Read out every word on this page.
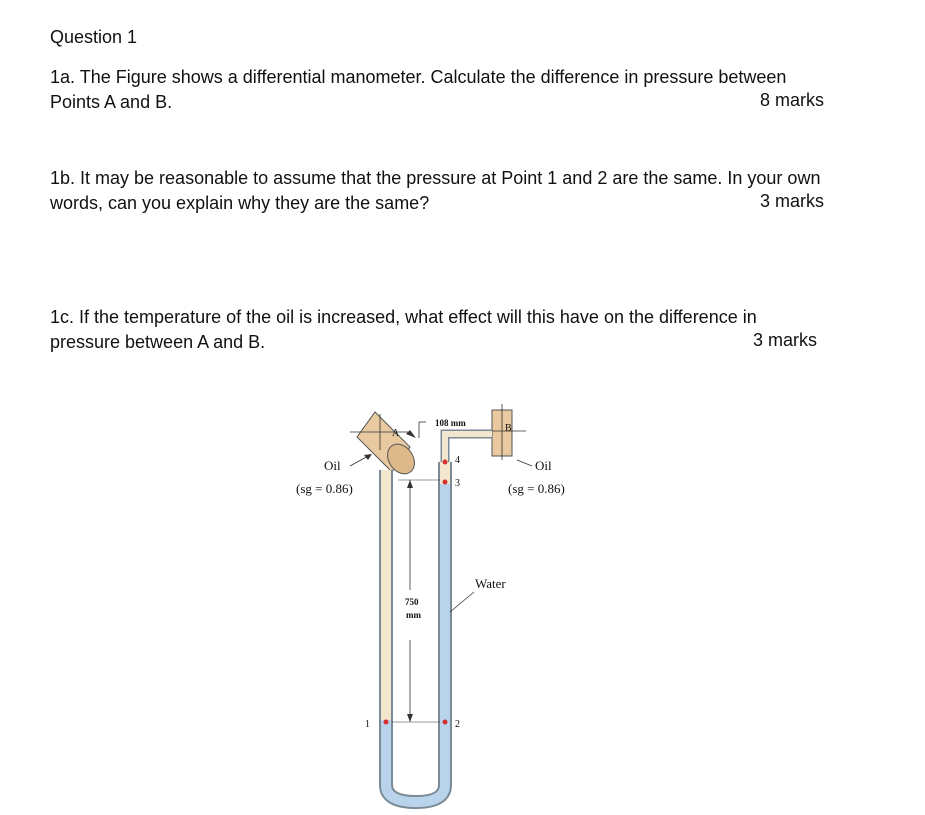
Question 1
1a. The Figure shows a differential manometer. Calculate the difference in pressure between Points A and B.	8 marks
1b. It may be reasonable to assume that the pressure at Point 1 and 2 are the same. In your own words, can you explain why they are the same?	3 marks
1c. If the temperature of the oil is increased, what effect will this have on the difference in pressure between A and B.	3 marks
A	B
4
3
1	2
108 mm
750
mm
Oil
(sg = 0.86)
Oil
(sg = 0.86)
Water
